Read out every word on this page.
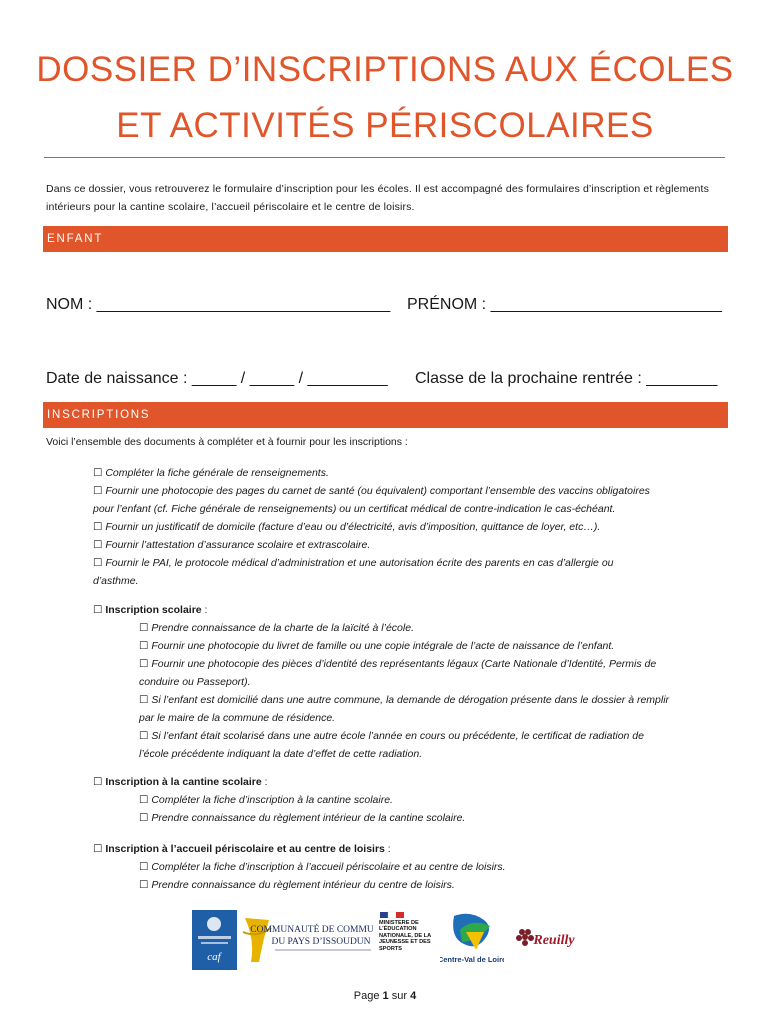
DOSSIER D’INSCRIPTIONS AUX ÉCOLES
ET ACTIVITÉS PÉRISCOLAIRES
Dans ce dossier, vous retrouverez le formulaire d’inscription pour les écoles. Il est accompagné des formulaires d’inscription et règlements intérieurs pour la cantine scolaire, l’accueil périscolaire et le centre de loisirs.
ENFANT
NOM : _________________________________ PRÉNOM : __________________________
Date de naissance : _____ / _____ / _________ Classe de la prochaine rentrée : ________
INSCRIPTIONS
Voici l’ensemble des documents à compléter et à fournir pour les inscriptions :
☐ Compléter la fiche générale de renseignements.
☐ Fournir une photocopie des pages du carnet de santé (ou équivalent) comportant l’ensemble des vaccins obligatoires
pour l’enfant (cf. Fiche générale de renseignements) ou un certificat médical de contre-indication le cas-échéant.
☐ Fournir un justificatif de domicile (facture d’eau ou d’électricité, avis d’imposition, quittance de loyer, etc…).
☐ Fournir l’attestation d’assurance scolaire et extrascolaire.
☐ Fournir le PAI, le protocole médical d’administration et une autorisation écrite des parents en cas d’allergie ou
d’asthme.
☐ Inscription scolaire :
☐ Prendre connaissance de la charte de la laïcité à l’école.
☐ Fournir une photocopie du livret de famille ou une copie intégrale de l’acte de naissance de l’enfant.
☐ Fournir une photocopie des pièces d’identité des représentants légaux (Carte Nationale d’Identité, Permis de
conduire ou Passeport).
☐ Si l’enfant est domicilié dans une autre commune, la demande de dérogation présente dans le dossier à remplir
par le maire de la commune de résidence.
☐ Si l’enfant était scolarisé dans une autre école l’année en cours ou précédente, le certificat de radiation de
l’école précédente indiquant la date d’effet de cette radiation.
☐ Inscription à la cantine scolaire :
☐ Compléter la fiche d’inscription à la cantine scolaire.
☐ Prendre connaissance du règlement intérieur de la cantine scolaire.
☐ Inscription à l’accueil périscolaire et au centre de loisirs :
☐ Compléter la fiche d’inscription à l’accueil périscolaire et au centre de loisirs.
☐ Prendre connaissance du règlement intérieur du centre de loisirs.
caf
COMMUNAUTÉ DE COMMU
DU PAYS D’ISSOUDUN
MINISTÈRE DE L’ÉDUCATION NATIONALE, DE LA JEUNESSE ET DES SPORTS
Centre-Val de Loire
Reuilly
Page 1 sur 4
